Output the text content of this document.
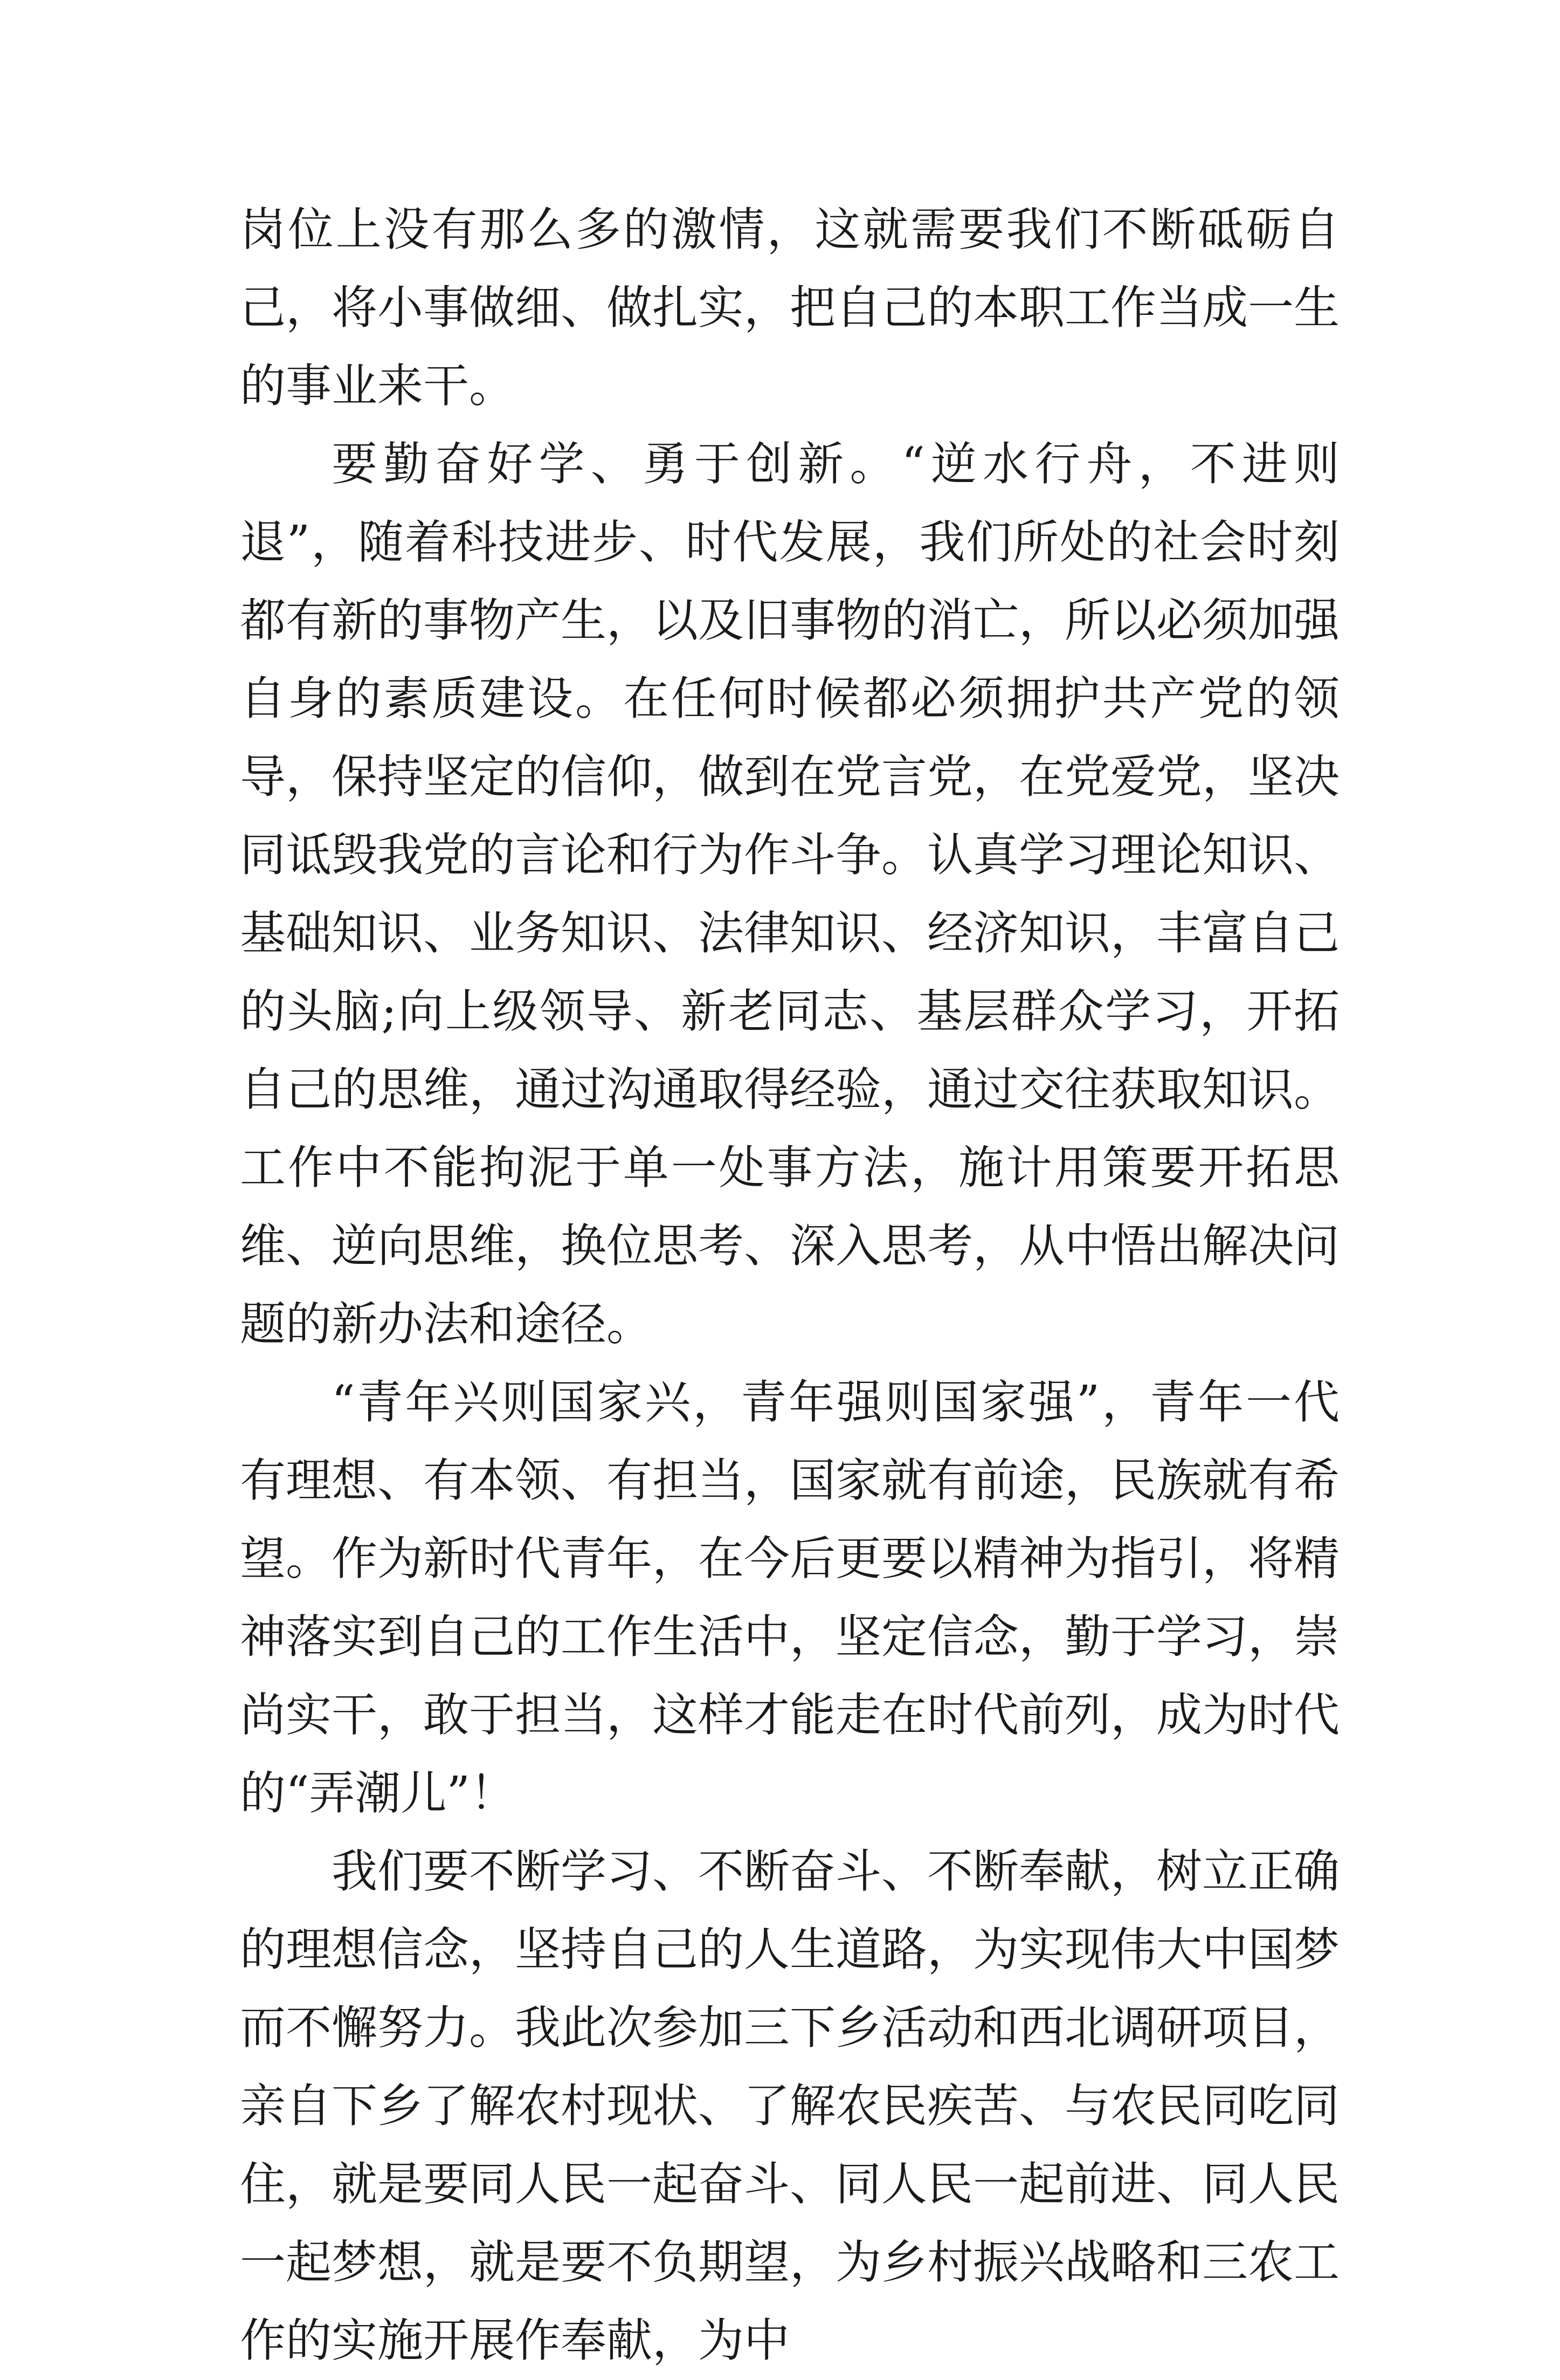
岗位上没有那么多的激情，这就需要我们不断砥砺自己，将小事做细、做扎实，把自己的本职工作当成一生的事业来干。

要勤奋好学、勇于创新。“逆水行舟，不进则退”，随着科技进步、时代发展，我们所处的社会时刻都有新的事物产生，以及旧事物的消亡，所以必须加强自身的素质建设。在任何时候都必须拥护共产党的领导，保持坚定的信仰，做到在党言党，在党爱党，坚决同诋毁我党的言论和行为作斗争。认真学习理论知识、基础知识、业务知识、法律知识、经济知识，丰富自己的头脑;向上级领导、新老同志、基层群众学习，开拓自己的思维，通过沟通取得经验，通过交往获取知识。工作中不能拘泥于单一处事方法，施计用策要开拓思维、逆向思维，换位思考、深入思考，从中悟出解决问题的新办法和途径。

“青年兴则国家兴，青年强则国家强”，青年一代有理想、有本领、有担当，国家就有前途，民族就有希望。作为新时代青年，在今后更要以精神为指引，将精神落实到自己的工作生活中，坚定信念，勤于学习，崇尚实干，敢于担当，这样才能走在时代前列，成为时代的“弄潮儿”！

我们要不断学习、不断奋斗、不断奉献，树立正确的理想信念，坚持自己的人生道路，为实现伟大中国梦而不懈努力。我此次参加三下乡活动和西北调研项目，亲自下乡了解农村现状、了解农民疾苦、与农民同吃同住，就是要同人民一起奋斗、同人民一起前进、同人民一起梦想，就是要不负期望，为乡村振兴战略和三农工作的实施开展作奉献，为中
